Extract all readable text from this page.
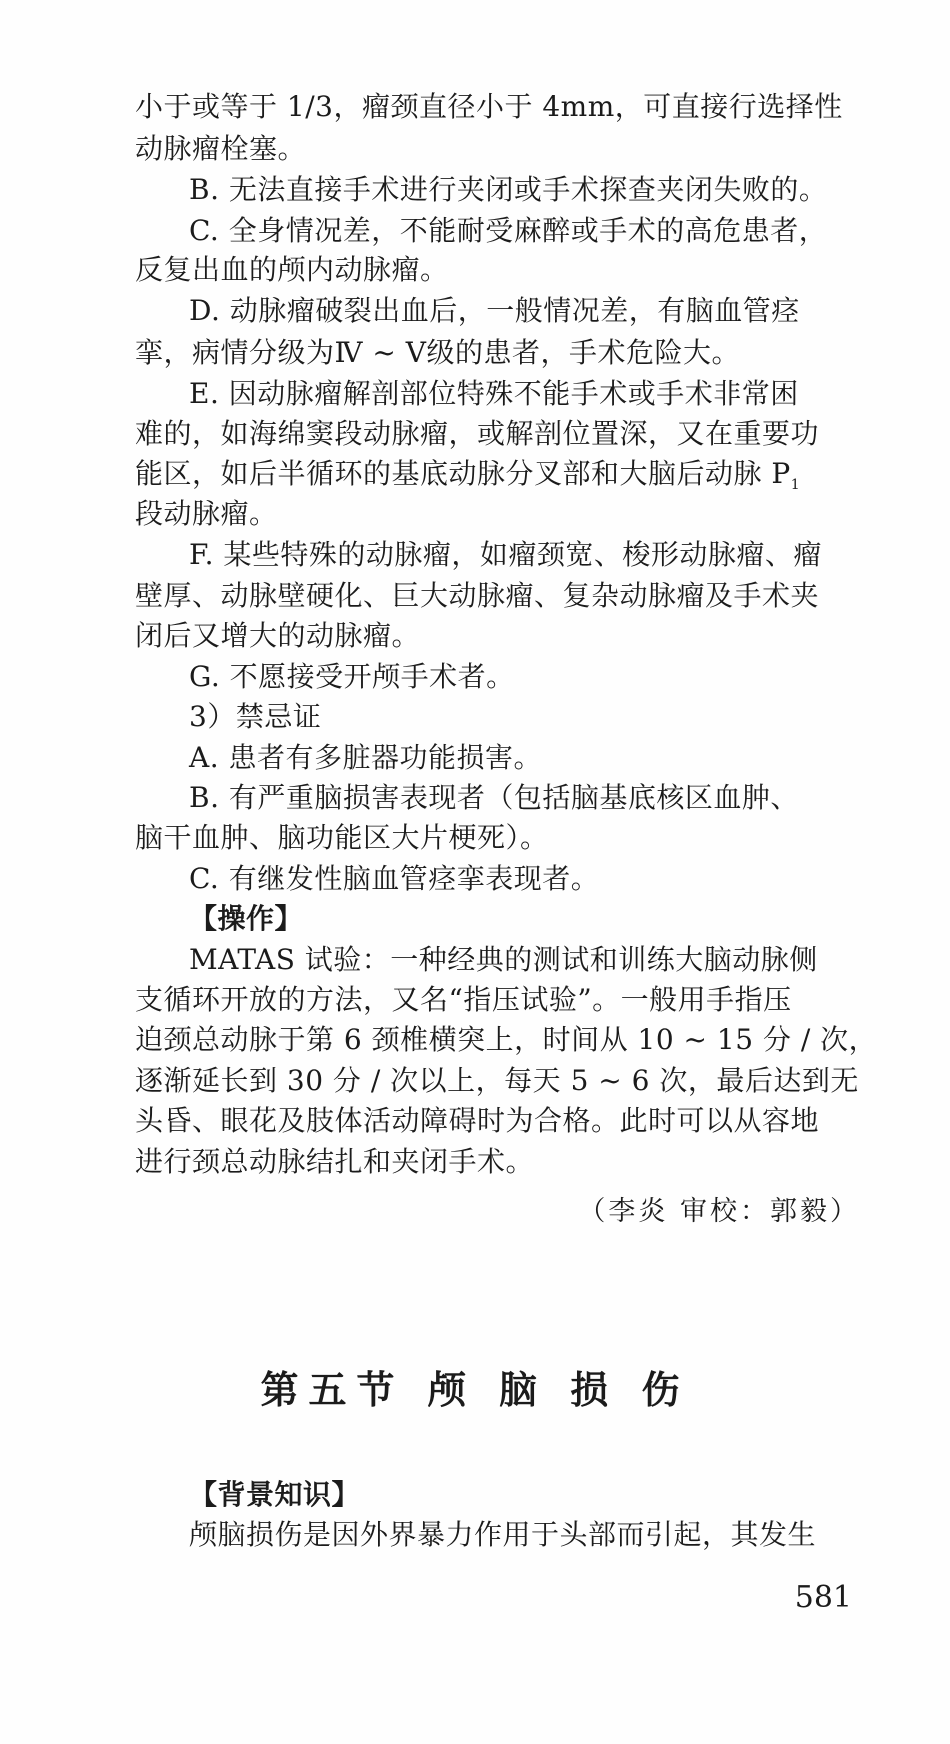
小于或等于 1/3，瘤颈直径小于 4mm，可直接行选择性
动脉瘤栓塞。
B. 无法直接手术进行夹闭或手术探查夹闭失败的。
C. 全身情况差，不能耐受麻醉或手术的高危患者，
反复出血的颅内动脉瘤。
D. 动脉瘤破裂出血后，一般情况差，有脑血管痉
挛，病情分级为Ⅳ ~ Ⅴ级的患者，手术危险大。
E. 因动脉瘤解剖部位特殊不能手术或手术非常困
难的，如海绵窦段动脉瘤，或解剖位置深，又在重要功
能区，如后半循环的基底动脉分叉部和大脑后动脉 $P_1$
段动脉瘤。
F. 某些特殊的动脉瘤，如瘤颈宽、梭形动脉瘤、瘤
壁厚、动脉壁硬化、巨大动脉瘤、复杂动脉瘤及手术夹
闭后又增大的动脉瘤。
G. 不愿接受开颅手术者。
3）禁忌证
A. 患者有多脏器功能损害。
B. 有严重脑损害表现者（包括脑基底核区血肿、
脑干血肿、脑功能区大片梗死）。
C. 有继发性脑血管痉挛表现者。
【操作】
MATAS 试验：一种经典的测试和训练大脑动脉侧
支循环开放的方法，又名“指压试验”。一般用手指压
迫颈总动脉于第 6 颈椎横突上，时间从 10 ~ 15 分 / 次，
逐渐延长到 30 分 / 次以上，每天 5 ~ 6 次，最后达到无
头昏、眼花及肢体活动障碍时为合格。此时可以从容地
进行颈总动脉结扎和夹闭手术。
（李炎 审校：郭毅）
第五节 颅 脑 损 伤
【背景知识】
颅脑损伤是因外界暴力作用于头部而引起，其发生
581
